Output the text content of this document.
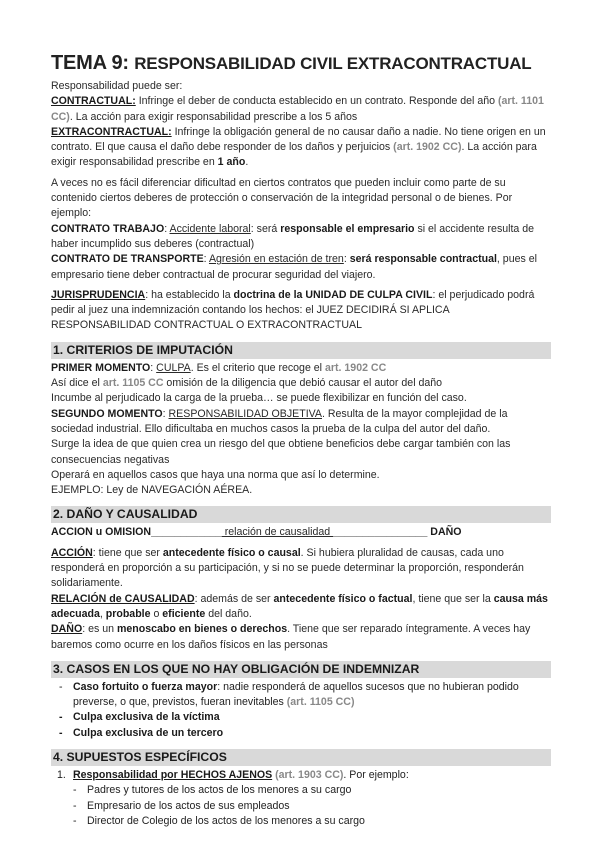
TEMA 9: RESPONSABILIDAD CIVIL EXTRACONTRACTUAL

Responsabilidad puede ser:

CONTRACTUAL: Infringe el deber de conducta establecido en un contrato. Responde del año (art. 1101 CC). La acción para exigir responsabilidad prescribe a los 5 años

EXTRACONTRACTUAL: Infringe la obligación general de no causar daño a nadie. No tiene origen en un contrato. El que causa el daño debe responder de los daños y perjuicios (art. 1902 CC). La acción para exigir responsabilidad prescribe en 1 año.

A veces no es fácil diferenciar dificultad en ciertos contratos que pueden incluir como parte de su contenido ciertos deberes de protección o conservación de la integridad personal o de bienes. Por ejemplo:

CONTRATO TRABAJO: Accidente laboral: será responsable el empresario si el accidente resulta de haber incumplido sus deberes (contractual)

CONTRATO DE TRANSPORTE: Agresión en estación de tren: será responsable contractual, pues el empresario tiene deber contractual de procurar seguridad del viajero.

JURISPRUDENCIA: ha establecido la doctrina de la UNIDAD DE CULPA CIVIL: el perjudicado podrá pedir al juez una indemnización contando los hechos: el JUEZ DECIDIRÁ SI APLICA RESPONSABILIDAD CONTRACTUAL O EXTRACONTRACTUAL

1. CRITERIOS DE IMPUTACIÓN

PRIMER MOMENTO: CULPA. Es el criterio que recoge el art. 1902 CC

Así dice el art. 1105 CC omisión de la diligencia que debió causar el autor del daño

Incumbe al perjudicado la carga de la prueba… se puede flexibilizar en función del caso.

SEGUNDO MOMENTO: RESPONSABILIDAD OBJETIVA. Resulta de la mayor complejidad de la sociedad industrial. Ello dificultaba en muchos casos la prueba de la culpa del autor del daño.

Surge la idea de que quien crea un riesgo del que obtiene beneficios debe cargar también con las consecuencias negativas

Operará en aquellos casos que haya una norma que así lo determine.

EJEMPLO: Ley de NAVEGACIÓN AÉREA.

2. DAÑO Y CAUSALIDAD

ACCION u OMISION____________ relación de causalidad ________________ DAÑO

ACCIÓN: tiene que ser antecedente físico o causal. Si hubiera pluralidad de causas, cada uno responderá en proporción a su participación, y si no se puede determinar la proporción, responderán solidariamente.

RELACIÓN de CAUSALIDAD: además de ser antecedente físico o factual, tiene que ser la causa más adecuada, probable o eficiente del daño.

DAÑO: es un menoscabo en bienes o derechos. Tiene que ser reparado íntegramente. A veces hay baremos como ocurre en los daños físicos en las personas

3. CASOS EN LOS QUE NO HAY OBLIGACIÓN DE INDEMNIZAR
- Caso fortuito o fuerza mayor: nadie responderá de aquellos sucesos que no hubieran podido preverse, o que, previstos, fueran inevitables (art. 1105 CC)
- Culpa exclusiva de la víctima
- Culpa exclusiva de un tercero
4. SUPUESTOS ESPECÍFICOS
1. Responsabilidad por HECHOS AJENOS (art. 1903 CC). Por ejemplo:
- Padres y tutores de los actos de los menores a su cargo
- Empresario de los actos de sus empleados
- Director de Colegio de los actos de los menores a su cargo
